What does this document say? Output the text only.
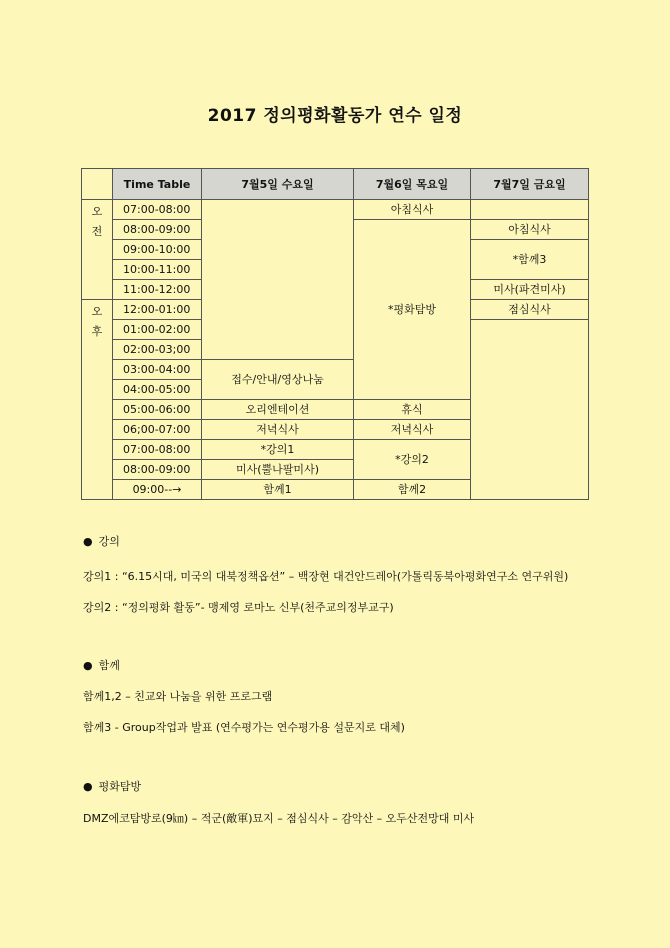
2017 정의평화활동가 연수 일정
	Time Table	7월5일 수요일	7월6일 목요일	7월7일 금요일

오
전	07:00-08:00		아침식사	
	08:00-09:00		*평화탐방	아침식사
	09:00-10:00			*함께3
	10:00-11:00			
	11:00-12:00			미사(파견미사)

오
후	12:00-01:00			점심식사
	01:00-02:00			
	02:00-03;00			
	03:00-04:00	접수/안내/영상나눔		
	04:00-05:00			
	05:00-06:00	오리엔테이션	휴식	
	06;00-07:00	저녁식사	저녁식사	
	07:00-08:00	*강의1	*강의2	
	08:00-09:00	미사(뿔나팔미사)		
	09:00--→	함께1	함께2	
● 강의
강의1 : “6.15시대, 미국의 대북정책옵션” – 백장현 대건안드레아(가톨릭동북아평화연구소 연구위원)
강의2 : “정의평화 활동”- 맹제영 로마노 신부(천주교의정부교구)
● 함께
함께1,2 – 친교와 나눔을 위한 프로그램
함께3 - Group작업과 발표 (연수평가는 연수평가용 설문지로 대체)
● 평화탐방
DMZ에코탐방로(9㎞) – 적군(敵軍)묘지 – 점심식사 – 감악산 – 오두산전망대 미사
